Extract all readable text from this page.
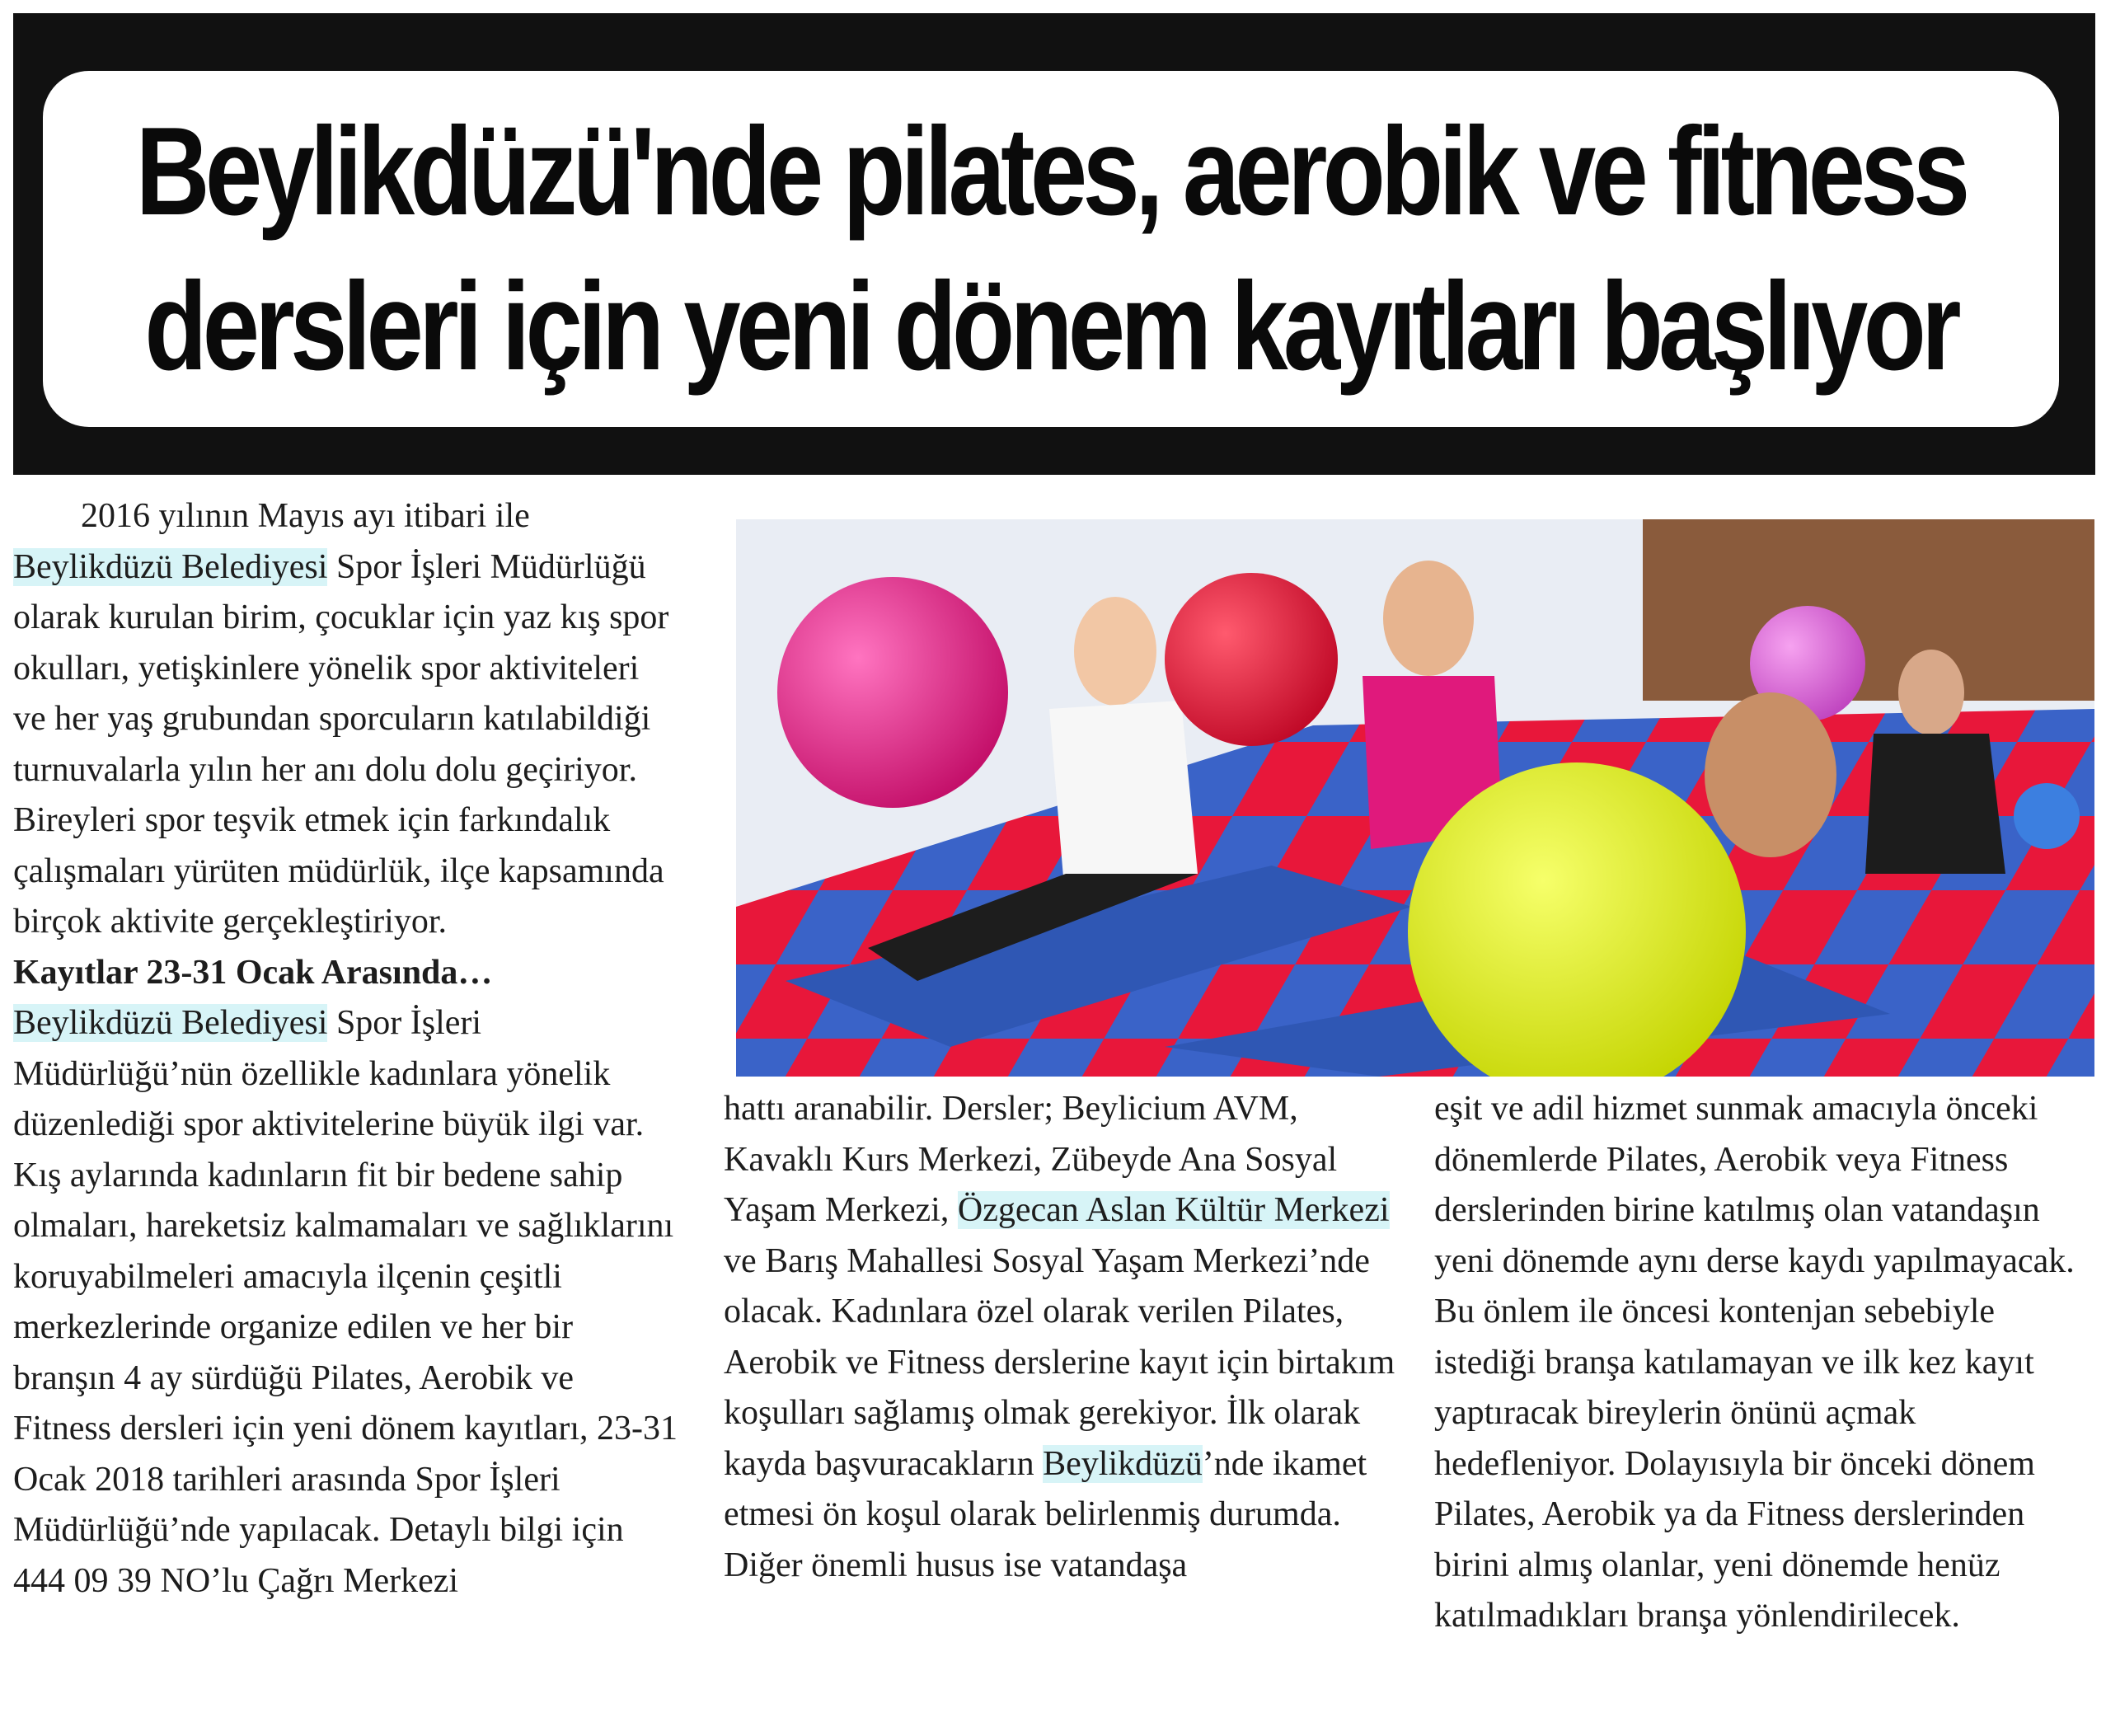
Beylikdüzü'nde pilates, aerobik ve fitness
dersleri için yeni dönem kayıtları başlıyor

2016 yılının Mayıs ayı itibari ile Beylikdüzü Belediyesi Spor İşleri Müdürlüğü olarak kurulan birim, çocuklar için yaz kış spor okulları, yetişkinlere yönelik spor aktiviteleri ve her yaş grubundan sporcuların katılabildiği turnuvalarla yılın her anı dolu dolu geçiriyor. Bireyleri spor teşvik etmek için farkındalık çalışmaları yürüten müdürlük, ilçe kapsamında birçok aktivite gerçekleştiriyor.

Kayıtlar 23-31 Ocak Arasında…

Beylikdüzü Belediyesi Spor İşleri Müdürlüğü’nün özellikle kadınlara yönelik düzenlediği spor aktivitelerine büyük ilgi var. Kış aylarında kadınların fit bir bedene sahip olmaları, hareketsiz kalmamaları ve sağlıklarını koruyabilmeleri amacıyla ilçenin çeşitli merkezlerinde organize edilen ve her bir branşın 4 ay sürdüğü Pilates, Aerobik ve Fitness dersleri için yeni dönem kayıtları, 23-31 Ocak 2018 tarihleri arasında Spor İşleri Müdürlüğü’nde yapılacak. Detaylı bilgi için 444 09 39 NO’lu Çağrı Merkezi

hattı aranabilir. Dersler; Beylicium AVM, Kavaklı Kurs Merkezi, Zübeyde Ana Sosyal Yaşam Merkezi, Özgecan Aslan Kültür Merkezi ve Barış Mahallesi Sosyal Yaşam Merkezi’nde olacak. Kadınlara özel olarak verilen Pilates, Aerobik ve Fitness derslerine kayıt için birtakım koşulları sağlamış olmak gerekiyor. İlk olarak kayda başvuracakların Beylikdüzü’nde ikamet etmesi ön koşul olarak belirlenmiş durumda. Diğer önemli husus ise vatandaşa

eşit ve adil hizmet sunmak amacıyla önceki dönemlerde Pilates, Aerobik veya Fitness derslerinden birine katılmış olan vatandaşın yeni dönemde aynı derse kaydı yapılmayacak. Bu önlem ile öncesi kontenjan sebebiyle istediği branşa katılamayan ve ilk kez kayıt yaptıracak bireylerin önünü açmak hedefleniyor. Dolayısıyla bir önceki dönem Pilates, Aerobik ya da Fitness derslerinden birini almış olanlar, yeni dönemde henüz katılmadıkları branşa yönlendirilecek.
